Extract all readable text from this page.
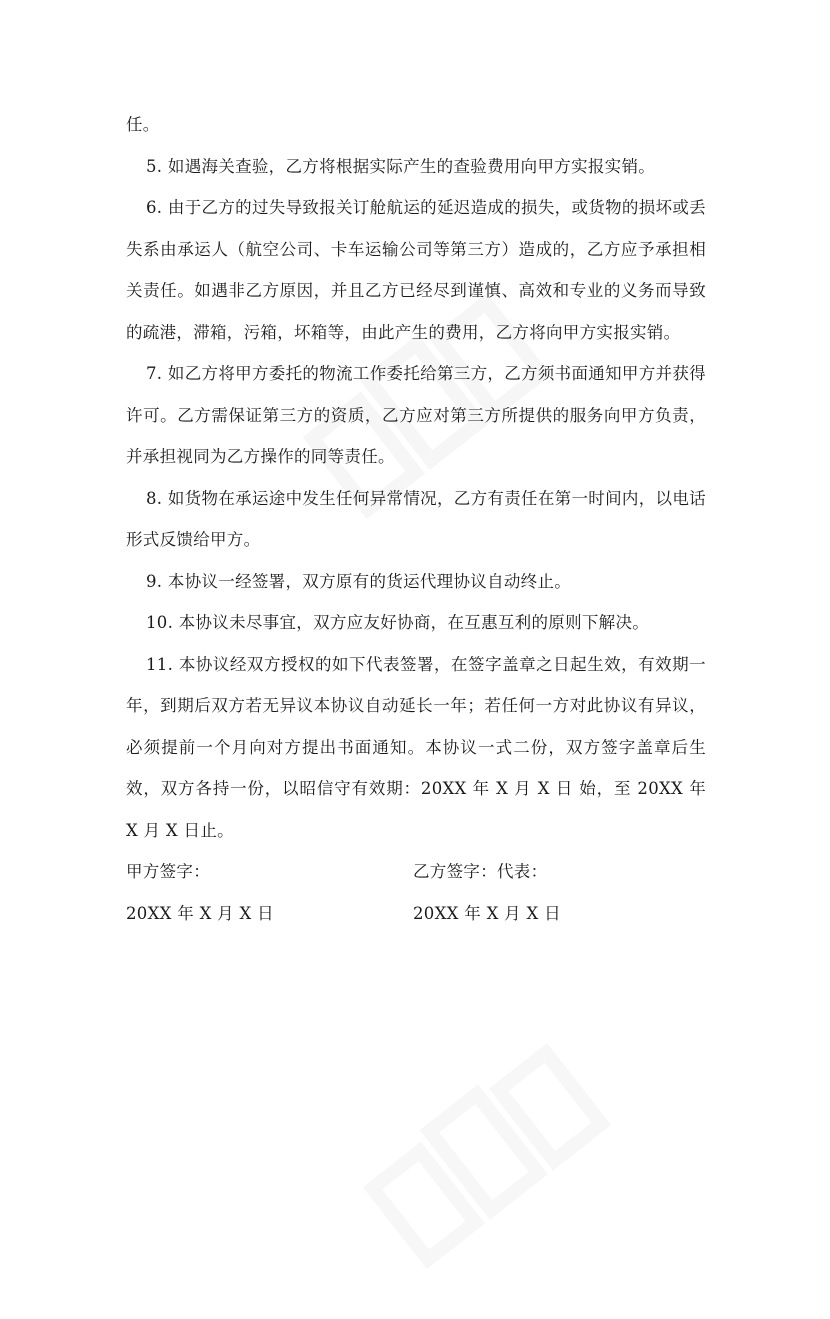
任。

5. 如遇海关查验，乙方将根据实际产生的查验费用向甲方实报实销。

6. 由于乙方的过失导致报关订舱航运的延迟造成的损失，或货物的损坏或丢失系由承运人（航空公司、卡车运输公司等第三方）造成的，乙方应予承担相关责任。如遇非乙方原因，并且乙方已经尽到谨慎、高效和专业的义务而导致的疏港，滞箱，污箱，坏箱等，由此产生的费用，乙方将向甲方实报实销。

7. 如乙方将甲方委托的物流工作委托给第三方，乙方须书面通知甲方并获得许可。乙方需保证第三方的资质，乙方应对第三方所提供的服务向甲方负责，并承担视同为乙方操作的同等责任。

8. 如货物在承运途中发生任何异常情况，乙方有责任在第一时间内，以电话形式反馈给甲方。

9. 本协议一经签署，双方原有的货运代理协议自动终止。

10. 本协议未尽事宜，双方应友好协商，在互惠互利的原则下解决。

11. 本协议经双方授权的如下代表签署，在签字盖章之日起生效，有效期一年，到期后双方若无异议本协议自动延长一年；若任何一方对此协议有异议，必须提前一个月向对方提出书面通知。本协议一式二份，双方签字盖章后生效，双方各持一份，以昭信守有效期：20XX 年 X 月 X 日 始，至 20XX 年 X 月 X 日止。

甲方签字：	乙方签字：代表：
20XX 年 X 月 X 日	20XX 年 X 月 X 日
